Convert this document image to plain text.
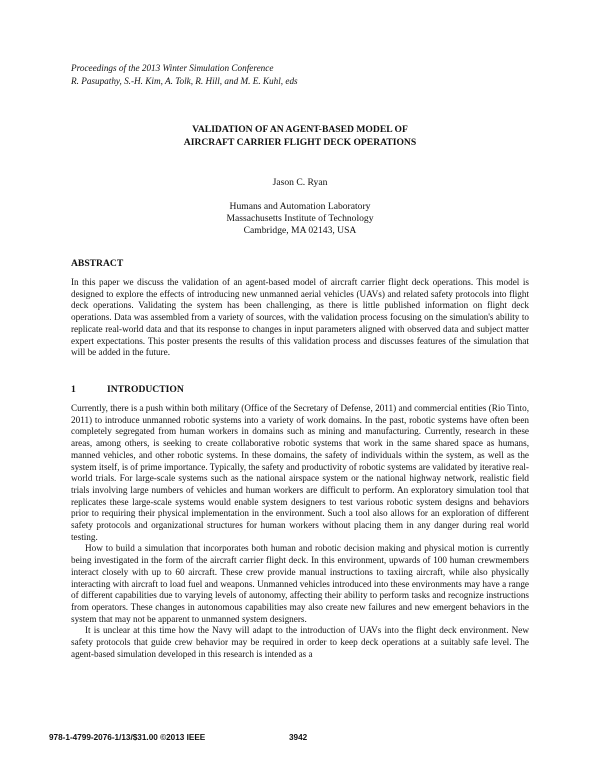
Proceedings of the 2013 Winter Simulation Conference
R. Pasupathy, S.-H. Kim, A. Tolk, R. Hill, and M. E. Kuhl, eds
VALIDATION OF AN AGENT-BASED MODEL OF
AIRCRAFT CARRIER FLIGHT DECK OPERATIONS
Jason C. Ryan
Humans and Automation Laboratory
Massachusetts Institute of Technology
Cambridge, MA 02143, USA
ABSTRACT
In this paper we discuss the validation of an agent-based model of aircraft carrier flight deck operations. This model is designed to explore the effects of introducing new unmanned aerial vehicles (UAVs) and related safety protocols into flight deck operations. Validating the system has been challenging, as there is little published information on flight deck operations. Data was assembled from a variety of sources, with the validation process focusing on the simulation's ability to replicate real-world data and that its response to changes in input parameters aligned with observed data and subject matter expert expectations. This poster presents the results of this validation process and discusses features of the simulation that will be added in the future.
1	INTRODUCTION

Currently, there is a push within both military (Office of the Secretary of Defense, 2011) and commercial entities (Rio Tinto, 2011) to introduce unmanned robotic systems into a variety of work domains. In the past, robotic systems have often been completely segregated from human workers in domains such as mining and manufacturing. Currently, research in these areas, among others, is seeking to create collaborative robotic systems that work in the same shared space as humans, manned vehicles, and other robotic systems. In these domains, the safety of individuals within the system, as well as the system itself, is of prime importance. Typically, the safety and productivity of robotic systems are validated by iterative real-world trials. For large-scale systems such as the national airspace system or the national highway network, realistic field trials involving large numbers of vehicles and human workers are difficult to perform. An exploratory simulation tool that replicates these large-scale systems would enable system designers to test various robotic system designs and behaviors prior to requiring their physical implementation in the environment. Such a tool also allows for an exploration of different safety protocols and organizational structures for human workers without placing them in any danger during real world testing.

How to build a simulation that incorporates both human and robotic decision making and physical motion is currently being investigated in the form of the aircraft carrier flight deck. In this environment, upwards of 100 human crewmembers interact closely with up to 60 aircraft. These crew provide manual instructions to taxiing aircraft, while also physically interacting with aircraft to load fuel and weapons. Unmanned vehicles introduced into these environments may have a range of different capabilities due to varying levels of autonomy, affecting their ability to perform tasks and recognize instructions from operators. These changes in autonomous capabilities may also create new failures and new emergent behaviors in the system that may not be apparent to unmanned system designers.

It is unclear at this time how the Navy will adapt to the introduction of UAVs into the flight deck environment. New safety protocols that guide crew behavior may be required in order to keep deck operations at a suitably safe level. The agent-based simulation developed in this research is intended as a

978-1-4799-2076-1/13/$31.00 ©2013 IEEE	3942
